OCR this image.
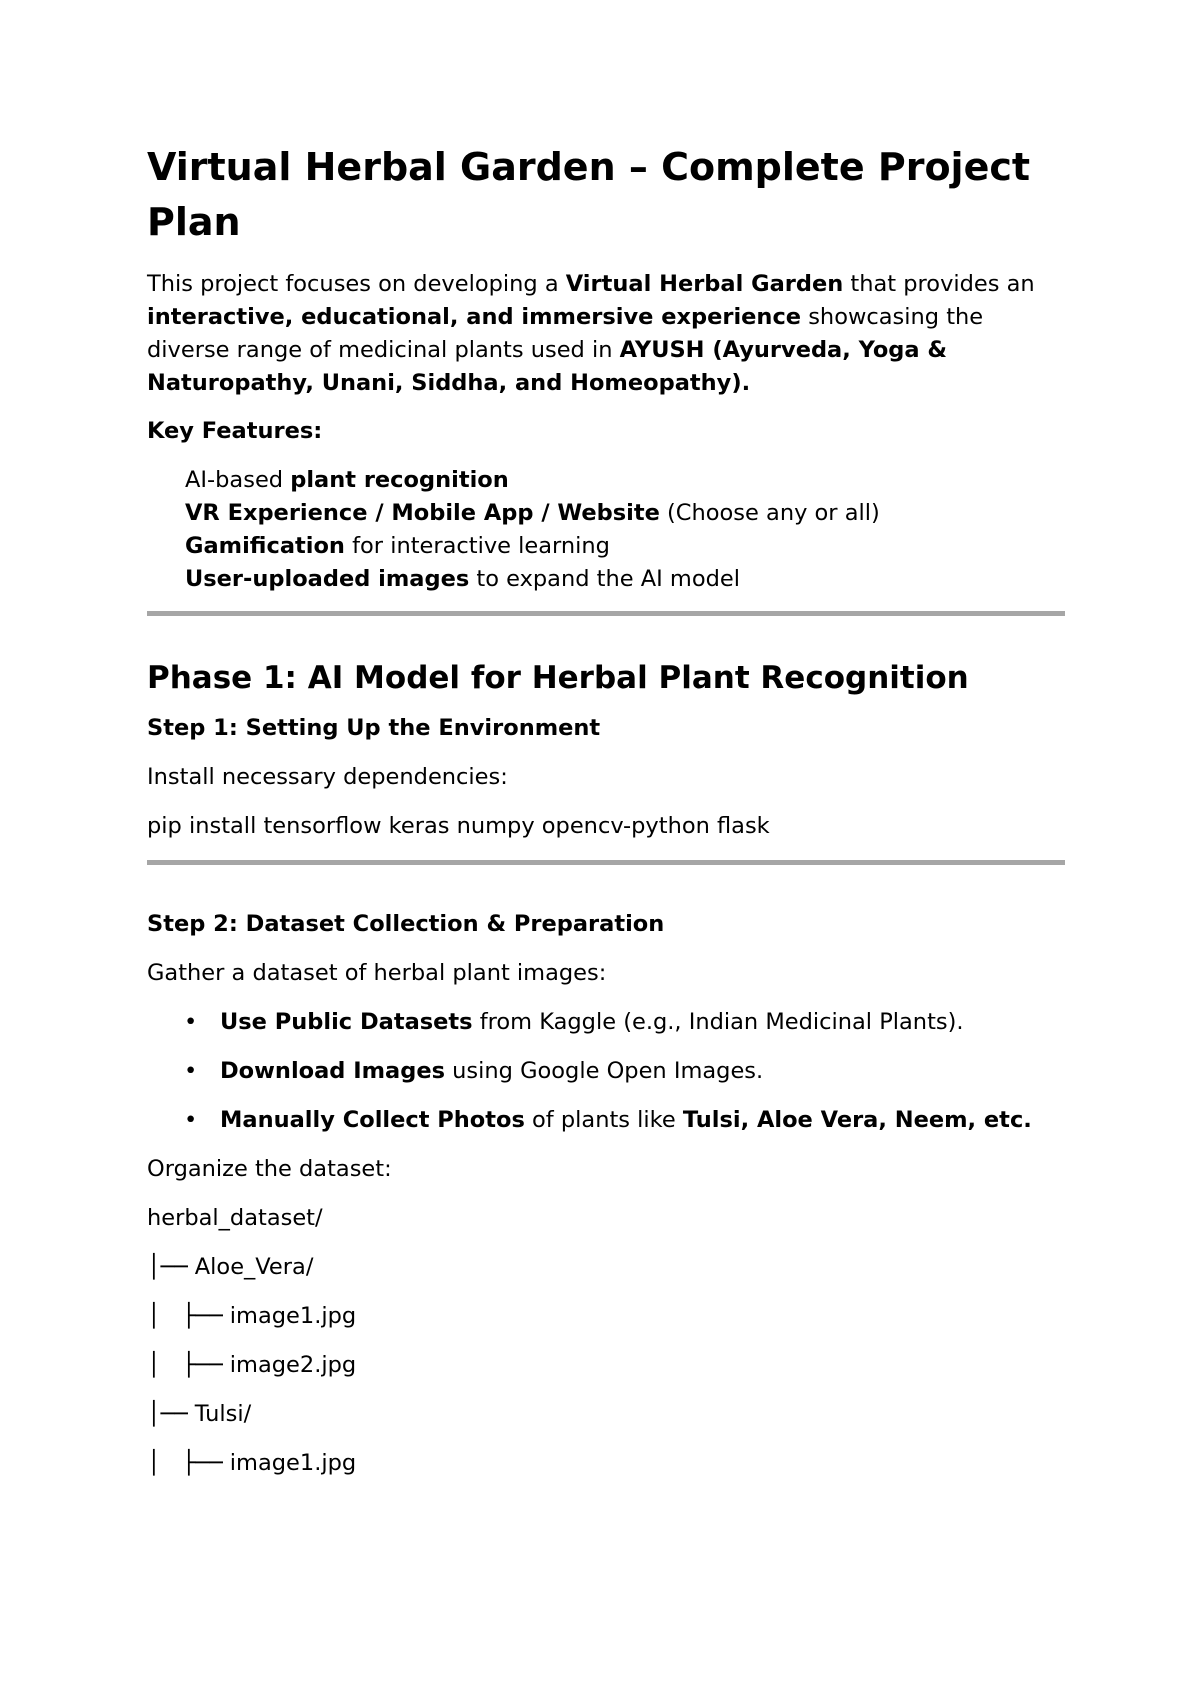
Virtual Herbal Garden – Complete Project Plan

This project focuses on developing a Virtual Herbal Garden that provides an interactive, educational, and immersive experience showcasing the diverse range of medicinal plants used in AYUSH (Ayurveda, Yoga & Naturopathy, Unani, Siddha, and Homeopathy).

Key Features:

AI-based plant recognition

VR Experience / Mobile App / Website (Choose any or all)

Gamification for interactive learning

User-uploaded images to expand the AI model

Phase 1: AI Model for Herbal Plant Recognition

Step 1: Setting Up the Environment

Install necessary dependencies:

pip install tensorflow keras numpy opencv-python flask

Step 2: Dataset Collection & Preparation

Gather a dataset of herbal plant images:

• Use Public Datasets from Kaggle (e.g., Indian Medicinal Plants).
• Download Images using Google Open Images.
• Manually Collect Photos of plants like Tulsi, Aloe Vera, Neem, etc.

Organize the dataset:

herbal_dataset/

│── Aloe_Vera/

│   ├── image1.jpg

│   ├── image2.jpg

│── Tulsi/

│   ├── image1.jpg
